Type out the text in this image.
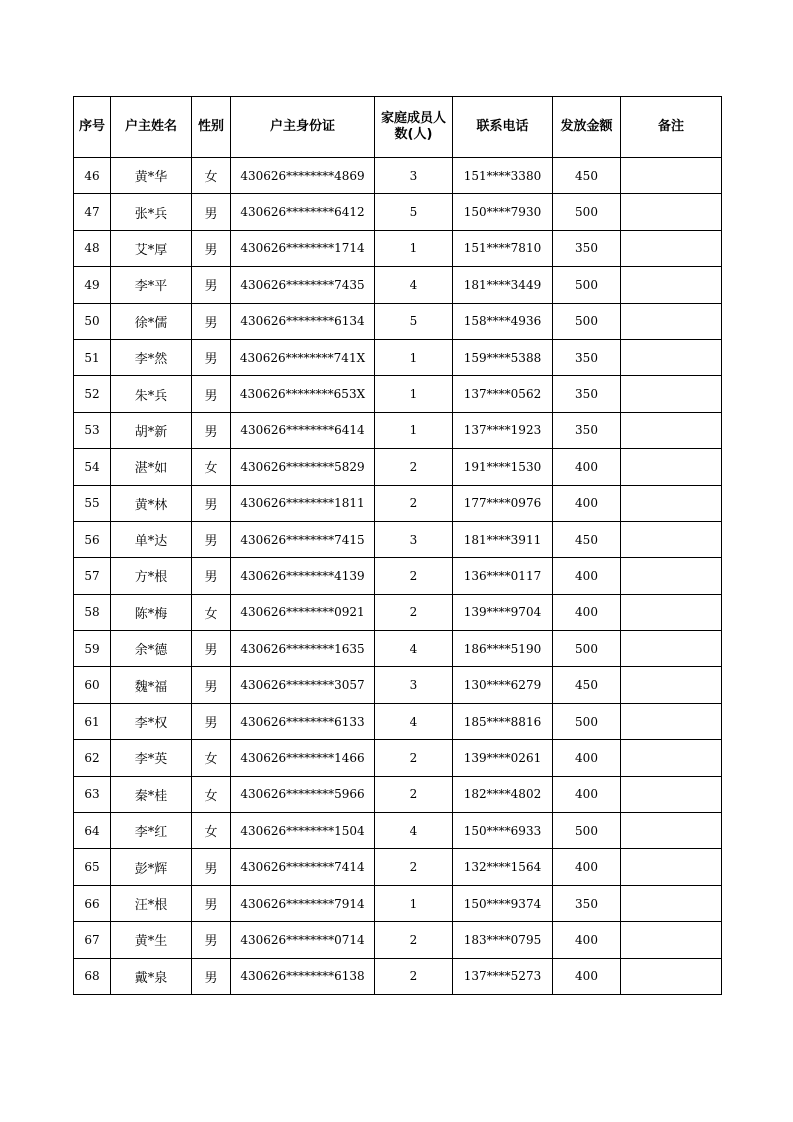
序号	户主姓名	性别	户主身份证	家庭成员人数(人)	联系电话	发放金额	备注
46	黄*华	女	430626********4869	3	151****3380	450	
47	张*兵	男	430626********6412	5	150****7930	500	
48	艾*厚	男	430626********1714	1	151****7810	350	
49	李*平	男	430626********7435	4	181****3449	500	
50	徐*儒	男	430626********6134	5	158****4936	500	
51	李*然	男	430626********741X	1	159****5388	350	
52	朱*兵	男	430626********653X	1	137****0562	350	
53	胡*新	男	430626********6414	1	137****1923	350	
54	湛*如	女	430626********5829	2	191****1530	400	
55	黄*林	男	430626********1811	2	177****0976	400	
56	单*达	男	430626********7415	3	181****3911	450	
57	方*根	男	430626********4139	2	136****0117	400	
58	陈*梅	女	430626********0921	2	139****9704	400	
59	余*德	男	430626********1635	4	186****5190	500	
60	魏*福	男	430626********3057	3	130****6279	450	
61	李*权	男	430626********6133	4	185****8816	500	
62	李*英	女	430626********1466	2	139****0261	400	
63	秦*桂	女	430626********5966	2	182****4802	400	
64	李*红	女	430626********1504	4	150****6933	500	
65	彭*辉	男	430626********7414	2	132****1564	400	
66	汪*根	男	430626********7914	1	150****9374	350	
67	黄*生	男	430626********0714	2	183****0795	400	
68	戴*泉	男	430626********6138	2	137****5273	400	
